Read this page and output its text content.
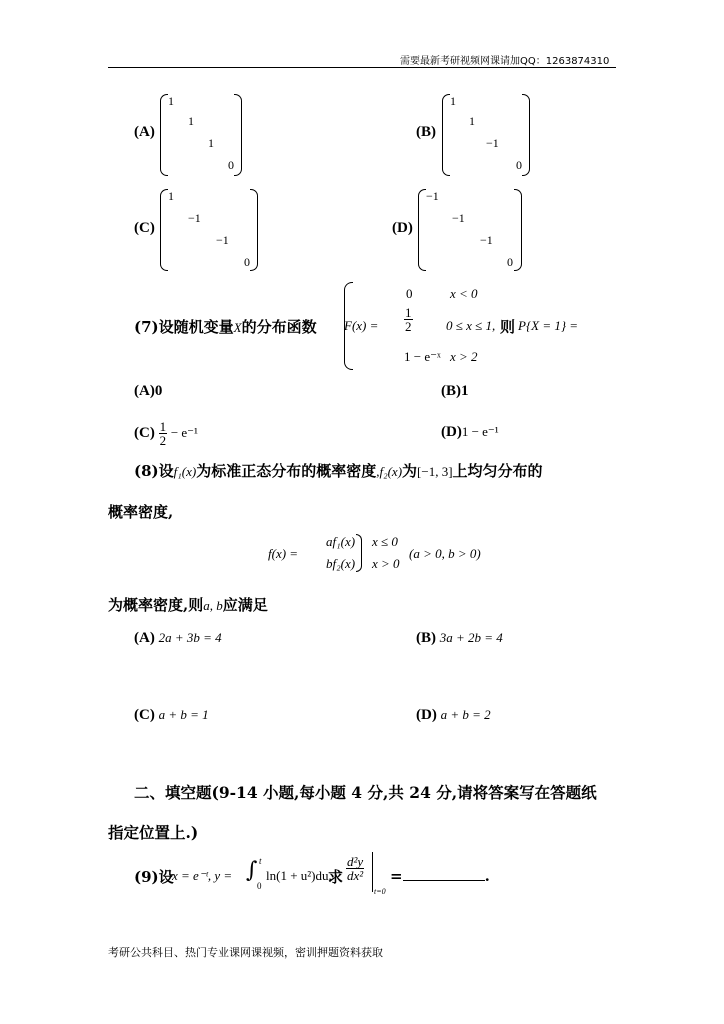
需要最新考研视频网课请加QQ：1263874310
(A)
1
1
1
0
(B)
1
1
−1
0
(C)
1
−1
−1
0
(D)
−1
−1
−1
0
(7)设随机变量X的分布函数 F(x) =
0	x < 0
$\frac{1}{2}$	0 ≤ x ≤ 1, 则 P{X = 1} =
1 − e⁻ˣ x > 2
(A)0	(B)1
$(C) \frac{1}{2} - e^{-1}$	(D)1 − e⁻¹
(8)设f₁(x)为标准正态分布的概率密度,f₂(x)为[−1, 3]上均匀分布的
概率密度,
f(x) =
af₁(x) x ≤ 0
bf₂(x) x > 0
(a > 0, b > 0)
为概率密度,则a, b应满足
(A) 2a + 3b = 4	(B) 3a + 2b = 4
(C) a + b = 1	(D) a + b = 2
二、填空题(9-14 小题,每小题 4 分,共 24 分,请将答案写在答题纸
指定位置上.)
(9)设
x = e⁻ᵗ, y = ∫ t
0
ln(1 + u²)du,
求 $\frac{\text{d²y}}{\text{dx²}}$
t=0
=	.
考研公共科目、热门专业课网课视频，密训押题资料获取
